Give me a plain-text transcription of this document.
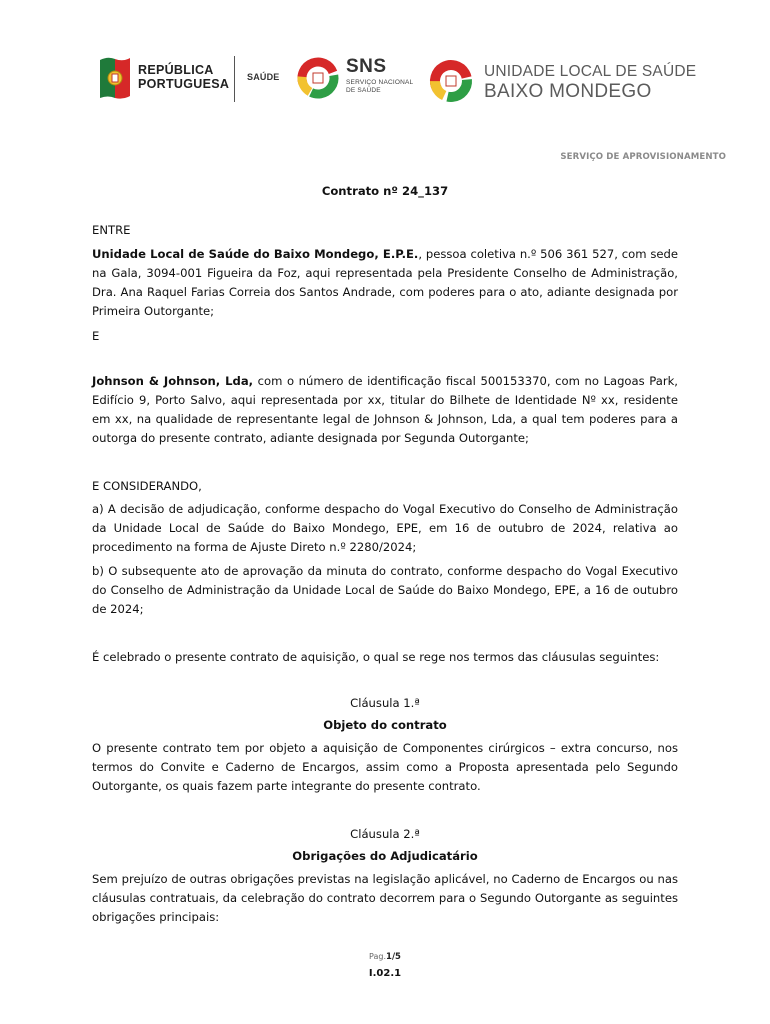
REPÚBLICA
PORTUGUESA SAÚDE	SNS
SERVIÇO NACIONAL
DE SAÚDE
UNIDADE LOCAL DE SAÚDE
BAIXO MONDEGO
SERVIÇO DE APROVISIONAMENTO
Contrato nº 24_137

ENTRE

Unidade Local de Saúde do Baixo Mondego, E.P.E., pessoa coletiva n.º 506 361 527, com sede na Gala, 3094-001 Figueira da Foz, aqui representada pela Presidente Conselho de Administração, Dra. Ana Raquel Farias Correia dos Santos Andrade, com poderes para o ato, adiante designada por Primeira Outorgante;

E

Johnson & Johnson, Lda, com o número de identificação fiscal 500153370, com no Lagoas Park, Edifício 9, Porto Salvo, aqui representada por xx, titular do Bilhete de Identidade Nº xx, residente em xx, na qualidade de representante legal de Johnson & Johnson, Lda, a qual tem poderes para a outorga do presente contrato, adiante designada por Segunda Outorgante;

E CONSIDERANDO,

a) A decisão de adjudicação, conforme despacho do Vogal Executivo do Conselho de Administração da Unidade Local de Saúde do Baixo Mondego, EPE, em 16 de outubro de 2024, relativa ao procedimento na forma de Ajuste Direto n.º 2280/2024;

b) O subsequente ato de aprovação da minuta do contrato, conforme despacho do Vogal Executivo do Conselho de Administração da Unidade Local de Saúde do Baixo Mondego, EPE, a 16 de outubro de 2024;

É celebrado o presente contrato de aquisição, o qual se rege nos termos das cláusulas seguintes:

Cláusula 1.ª

Objeto do contrato

O presente contrato tem por objeto a aquisição de Componentes cirúrgicos – extra concurso, nos termos do Convite e Caderno de Encargos, assim como a Proposta apresentada pelo Segundo Outorgante, os quais fazem parte integrante do presente contrato.

Cláusula 2.ª

Obrigações do Adjudicatário

Sem prejuízo de outras obrigações previstas na legislação aplicável, no Caderno de Encargos ou nas cláusulas contratuais, da celebração do contrato decorrem para o Segundo Outorgante as seguintes obrigações principais:

Pag.1/5
I.02.1
